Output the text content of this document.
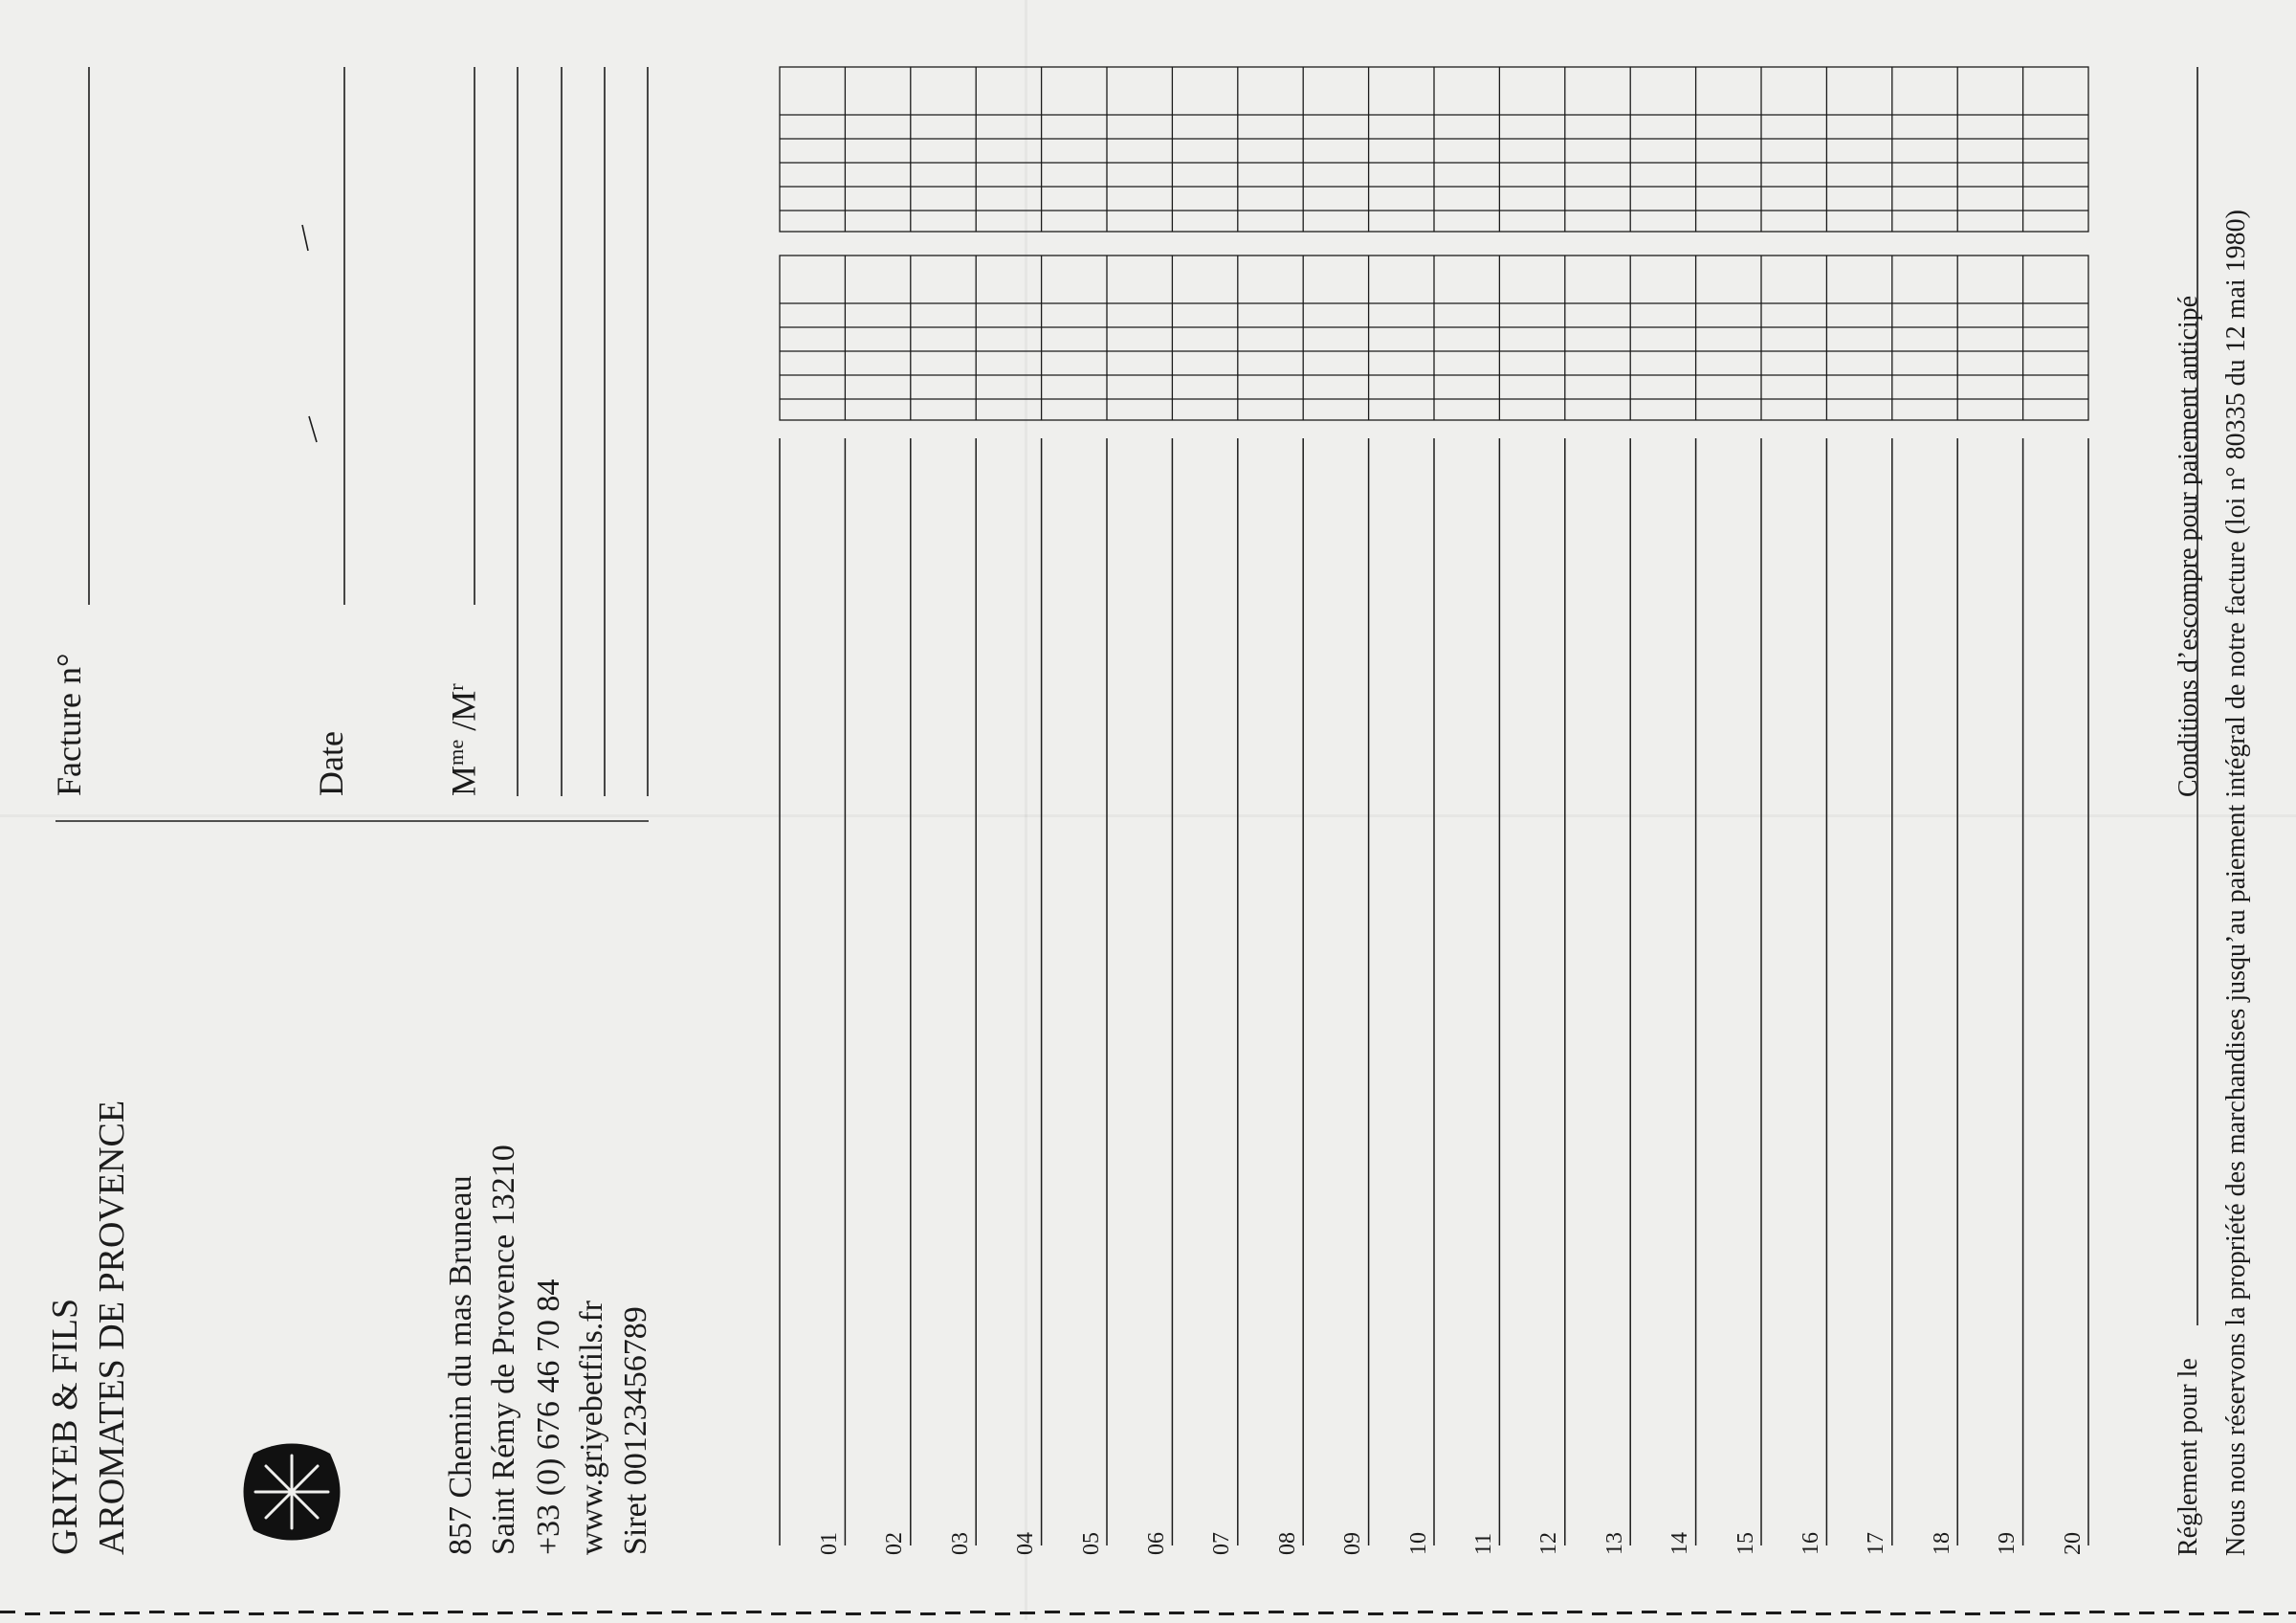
GRIYEB & FILS AROMATES DE PROVENCE	857 Chemin du mas Bruneau Saint Rémy de Provence 13210 +33 (0) 676 46 70 84 www.griyebetfils.fr Siret 0012345678​9
Facture n°	Date	$M^{me}$ $/M^r$
01 02 03 04 05 06 07 08 09 10 11 12 13 14 15 16 17 18 19 20	Réglement pour le
Conditions d’escompre pour paiement anticipé Nous nous réservons la propriété des marchandises jusqu’au paiement intégral de notre facture (loi n° 80335 du 12 mai 1980)
